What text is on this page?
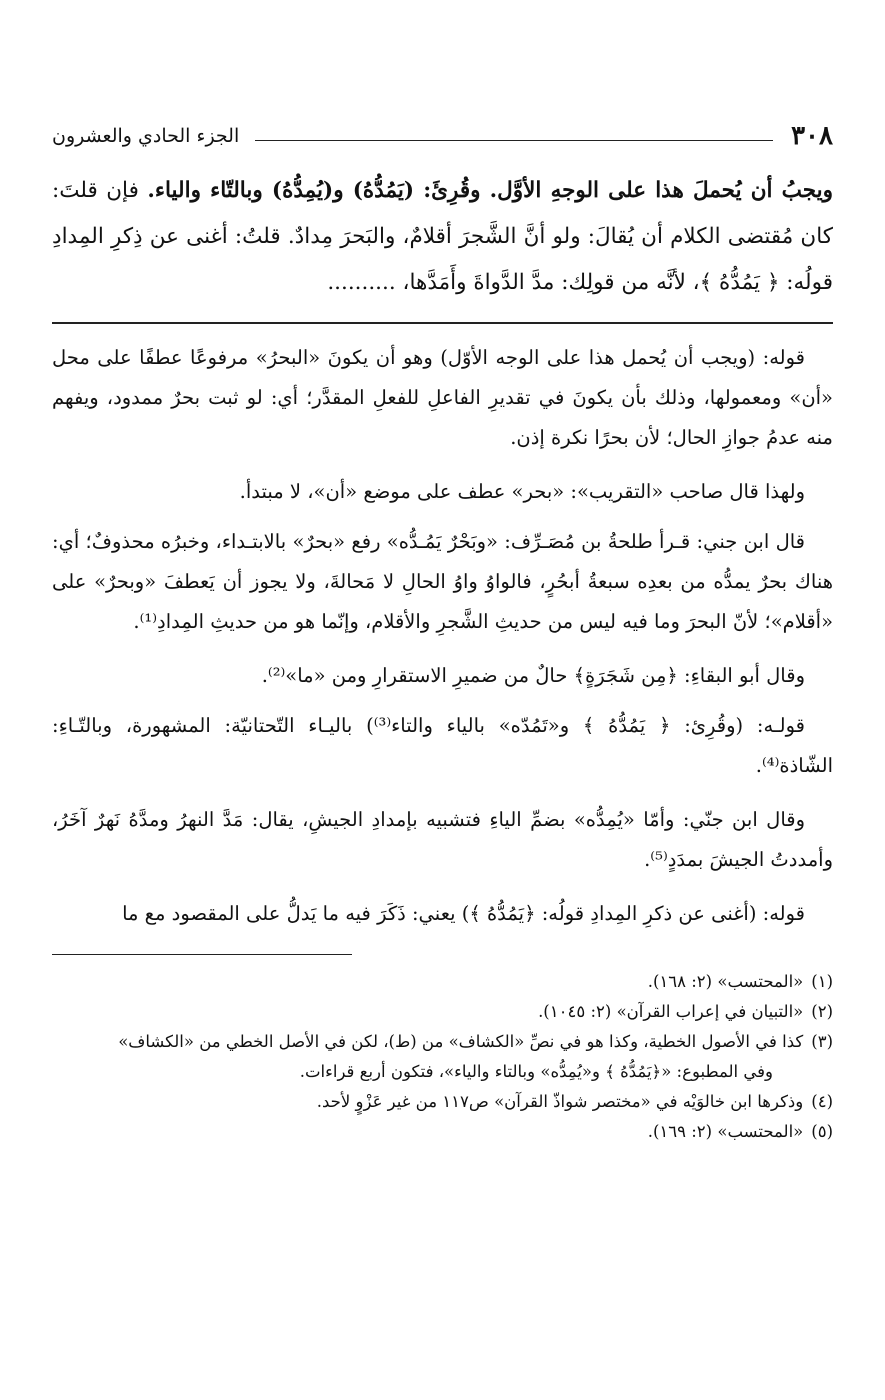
٣٠٨
الجزء الحادي والعشرون

ويجبُ أن يُحملَ هذا على الوجهِ الأوَّل. وقُرِئَ: (يَمُدُّهُ) و(يُمِدُّهُ) وبالتّاء والياء. فإن قلتَ: كان مُقتضى الكلام أن يُقالَ: ولو أنَّ الشَّجرَ أقلامٌ، والبَحرَ مِدادٌ. قلتُ: أغنى عن ذِكرِ المِدادِ قولُه: ﴿ يَمُدُّهُ ﴾، لأنَّه من قولِك: مدَّ الدَّواةَ وأَمَدَّها، ..........

قوله: (ويجب أن يُحمل هذا على الوجه الأوّل) وهو أن يكونَ «البحرُ» مرفوعًا عطفًا على محل «أن» ومعمولها، وذلك بأن يكونَ في تقديرِ الفاعلِ للفعلِ المقدَّر؛ أي: لو ثبت بحرٌ ممدود، ويفهم منه عدمُ جوازِ الحال؛ لأن بحرًا نكرة إذن.

ولهذا قال صاحب «التقريب»: «بحر» عطف على موضع «أن»، لا مبتدأ.

قال ابن جني: قـرأ طلحةُ بن مُصَـرِّف: «وبَحْرٌ يَمُـدُّه» رفع «بحرٌ» بالابتـداء، وخبرُه محذوفٌ؛ أي: هناك بحرٌ يمدُّه من بعدِه سبعةُ أبحُرٍ، فالواوُ واوُ الحالِ لا مَحالةَ، ولا يجوز أن يَعطفَ «وبحرٌ» على «أقلام»؛ لأنّ البحرَ وما فيه ليس من حديثِ الشَّجرِ والأقلام، وإنّما هو من حديثِ المِدادِ⁽¹⁾.

وقال أبو البقاءِ: ﴿مِن شَجَرَةٍ﴾ حالٌ من ضميرِ الاستقرارِ ومن «ما»⁽²⁾.

قولـه: (وقُرِئ: ﴿ يَمُدُّهُ ﴾ و«تَمُدّه» بالياء والتاء⁽³⁾) باليـاء التّحتانيّة: المشهورة، وبالتّـاءِ: الشّاذة⁽⁴⁾.

وقال ابن جنّي: وأمّا «يُمِدُّه» بضمِّ الياءِ فتشبيه بإمدادِ الجيشِ، يقال: مَدَّ النهرُ ومدَّهُ نَهرٌ آخَرُ، وأمددتُ الجيشَ بمدَدٍ⁽⁵⁾.

قوله: (أغنى عن ذكرِ المِدادِ قولُه: ﴿يَمُدُّهُ ﴾) يعني: ذَكَرَ فيه ما يَدلُّ على المقصود مع ما

(١)«المحتسب» (٢: ١٦٨).

(٢)«التبيان في إعراب القرآن» (٢: ١٠٤٥).

(٣)كذا في الأصول الخطية، وكذا هو في نصِّ «الكشاف» من (ط)، لكن في الأصل الخطي من «الكشاف»

وفي المطبوع: «﴿يَمُدُّهُ ﴾ و«يُمِدُّه» وبالتاء والياء»، فتكون أربع قراءات.

(٤)وذكرها ابن خالوَيْه في «مختصر شواذّ القرآن» ص١١٧ من غير عَزْوٍ لأحد.

(٥)«المحتسب» (٢: ١٦٩).
